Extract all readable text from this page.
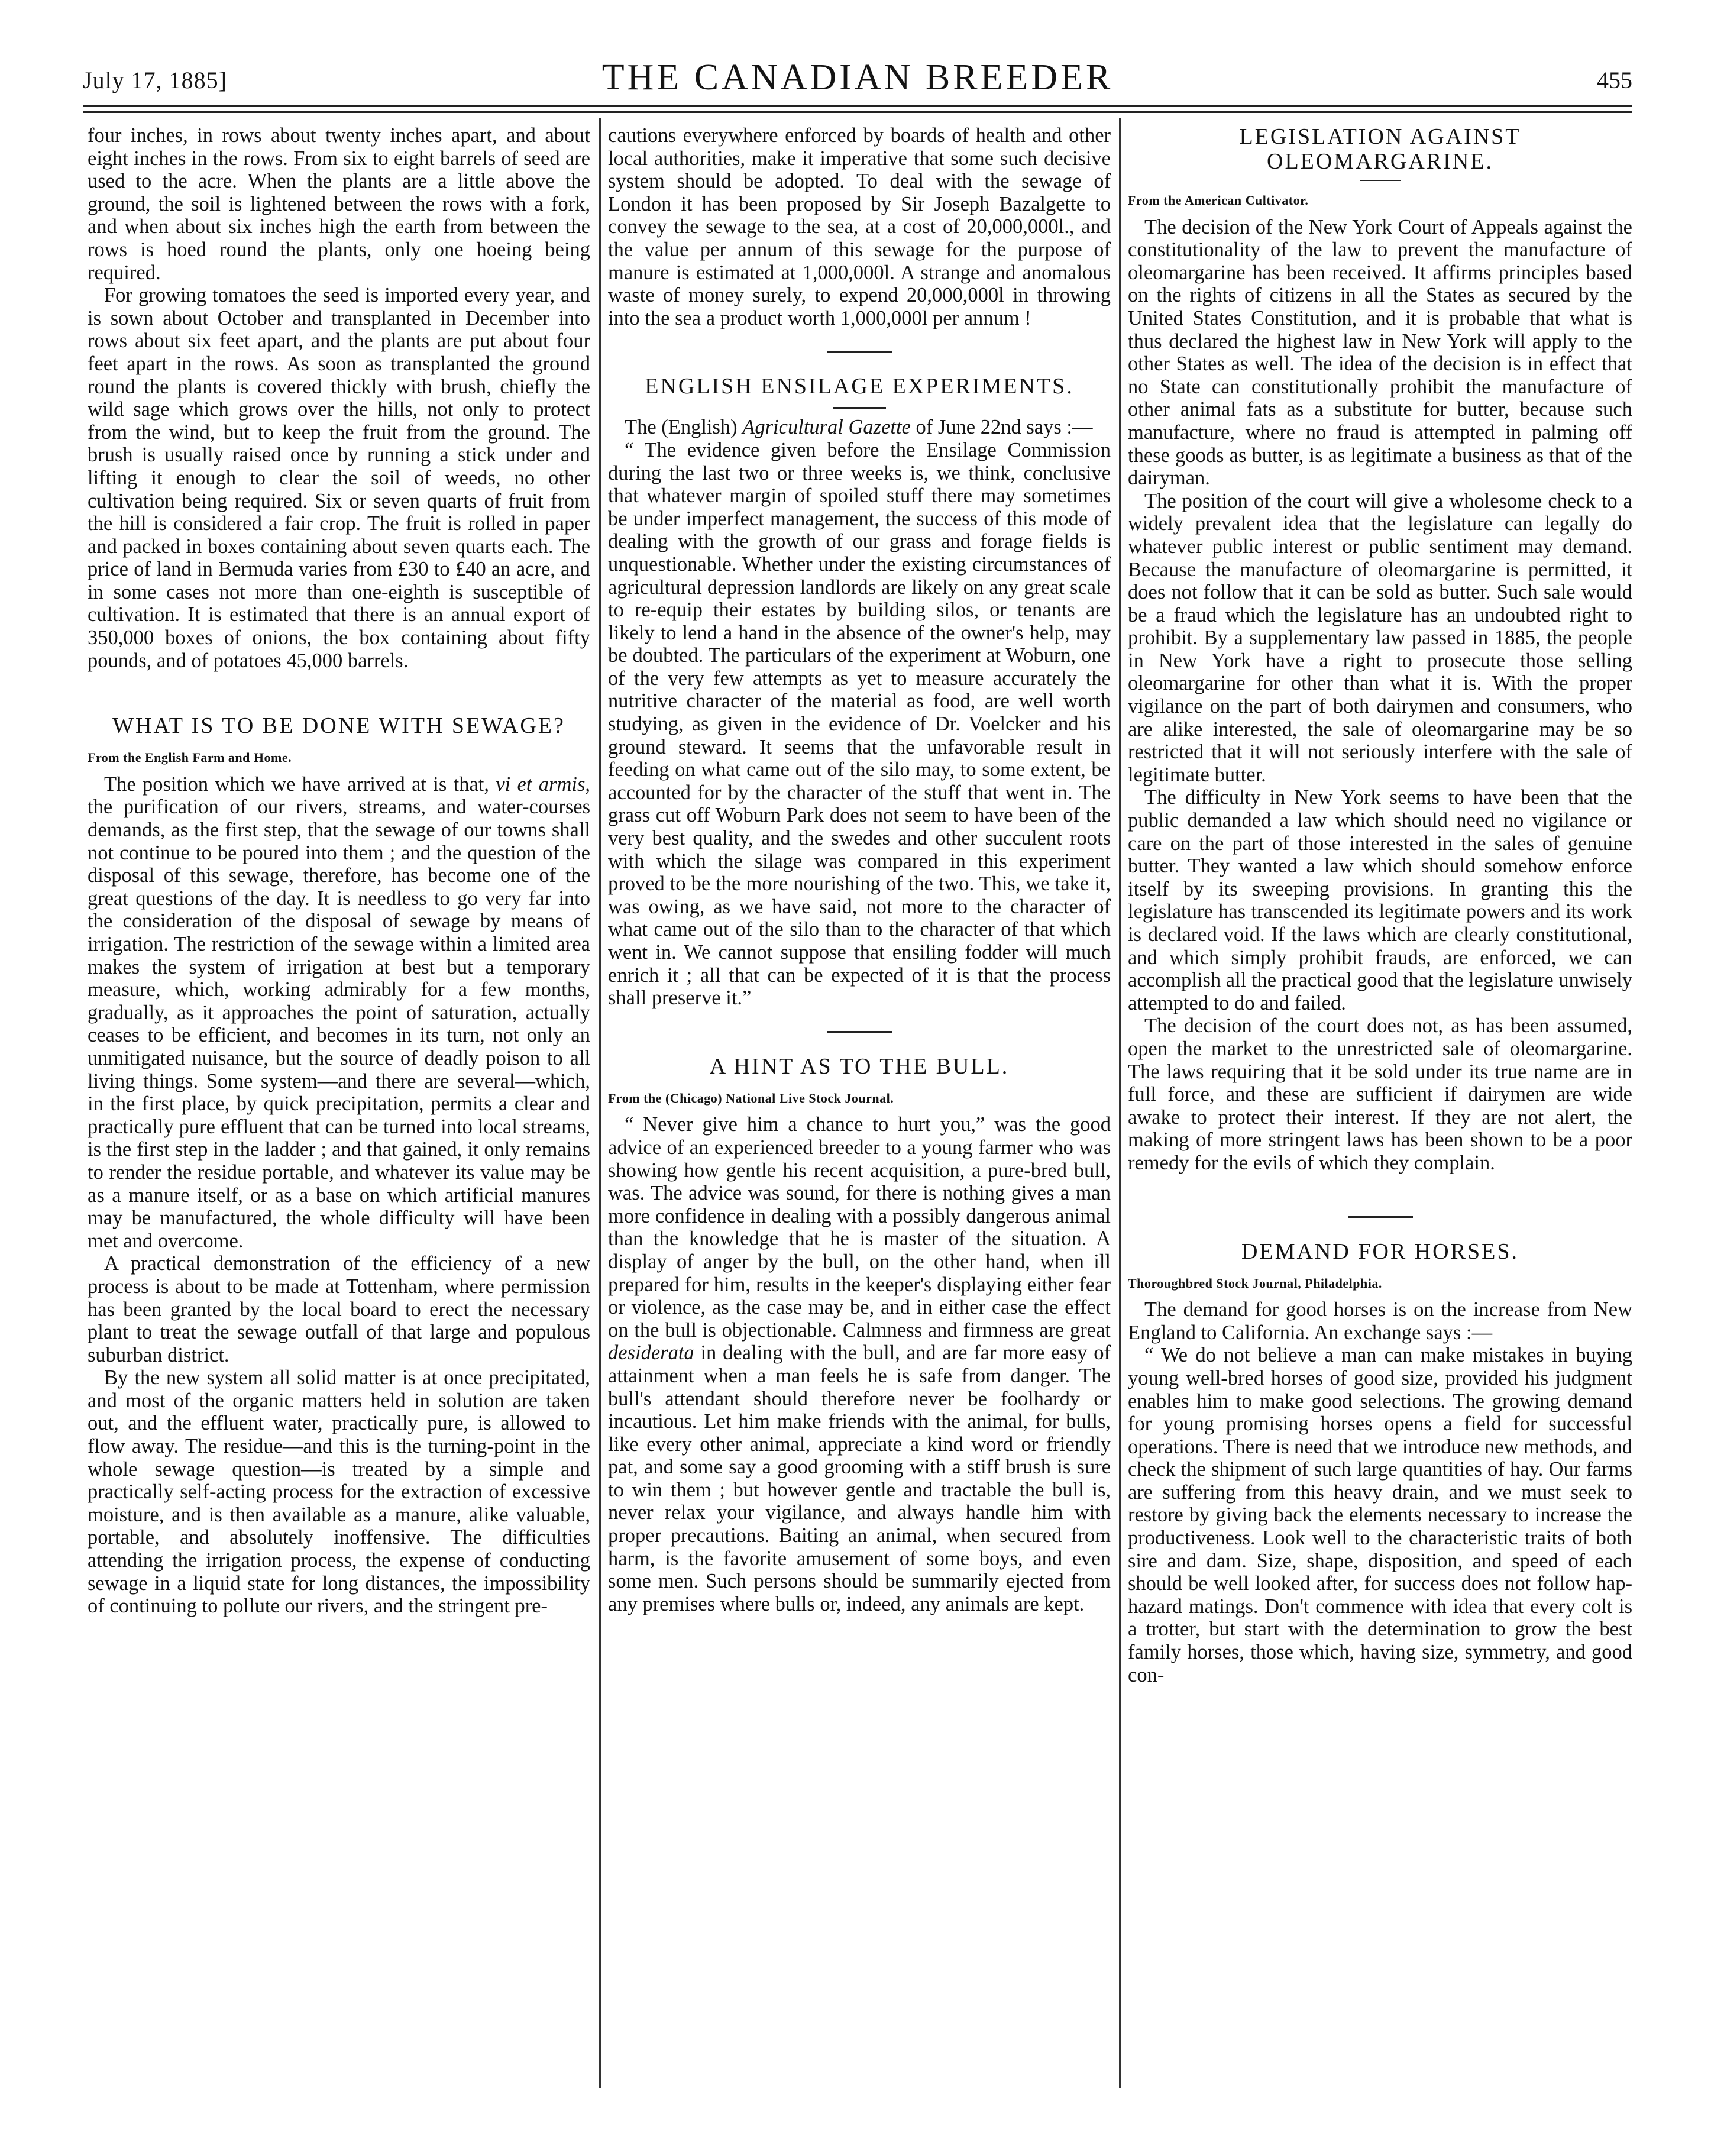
July 17, 1885]	THE CANADIAN BREEDER	455

four inches, in rows about twenty inches apart, and about eight inches in the rows. From six to eight barrels of seed are used to the acre. When the plants are a little above the ground, the soil is lightened between the rows with a fork, and when about six inches high the earth from between the rows is hoed round the plants, only one hoeing being required.

For growing tomatoes the seed is imported every year, and is sown about October and transplanted in December into rows about six feet apart, and the plants are put about four feet apart in the rows. As soon as transplanted the ground round the plants is covered thickly with brush, chiefly the wild sage which grows over the hills, not only to protect from the wind, but to keep the fruit from the ground. The brush is usually raised once by running a stick under and lifting it enough to clear the soil of weeds, no other cultivation being required. Six or seven quarts of fruit from the hill is considered a fair crop. The fruit is rolled in paper and packed in boxes containing about seven quarts each. The price of land in Bermuda varies from £30 to £40 an acre, and in some cases not more than one-eighth is susceptible of cultivation. It is estimated that there is an annual export of 350,000 boxes of onions, the box containing about fifty pounds, and of potatoes 45,000 barrels.

WHAT IS TO BE DONE WITH SEWAGE?
From the English Farm and Home.

The position which we have arrived at is that, vi et armis, the purification of our rivers, streams, and water-courses demands, as the first step, that the sewage of our towns shall not continue to be poured into them ; and the question of the disposal of this sewage, therefore, has become one of the great questions of the day. It is needless to go very far into the consideration of the disposal of sewage by means of irrigation. The restriction of the sewage within a limited area makes the system of irrigation at best but a temporary measure, which, working admirably for a few months, gradually, as it approaches the point of saturation, actually ceases to be efficient, and becomes in its turn, not only an unmitigated nuisance, but the source of deadly poison to all living things. Some system—and there are several—which, in the first place, by quick precipitation, permits a clear and practically pure effluent that can be turned into local streams, is the first step in the ladder ; and that gained, it only remains to render the residue portable, and whatever its value may be as a manure itself, or as a base on which artificial manures may be manufactured, the whole difficulty will have been met and overcome.

A practical demonstration of the efficiency of a new process is about to be made at Tottenham, where permission has been granted by the local board to erect the necessary plant to treat the sewage outfall of that large and populous suburban district.

By the new system all solid matter is at once precipitated, and most of the organic matters held in solution are taken out, and the effluent water, practically pure, is allowed to flow away. The residue—and this is the turning-point in the whole sewage question—is treated by a simple and practically self-acting process for the extraction of excessive moisture, and is then available as a manure, alike valuable, portable, and absolutely inoffensive. The difficulties attending the irrigation process, the expense of conducting sewage in a liquid state for long distances, the impossibility of continuing to pollute our rivers, and the stringent pre-

cautions everywhere enforced by boards of health and other local authorities, make it imperative that some such decisive system should be adopted. To deal with the sewage of London it has been proposed by Sir Joseph Bazalgette to convey the sewage to the sea, at a cost of 20,000,000l., and the value per annum of this sewage for the purpose of manure is estimated at 1,000,000l. A strange and anomalous waste of money surely, to expend 20,000,000l in throwing into the sea a product worth 1,000,000l per annum !

ENGLISH ENSILAGE EXPERIMENTS.

The (English) Agricultural Gazette of June 22nd says :—

“ The evidence given before the Ensilage Commission during the last two or three weeks is, we think, conclusive that whatever margin of spoiled stuff there may sometimes be under imperfect management, the success of this mode of dealing with the growth of our grass and forage fields is unquestionable. Whether under the existing circumstances of agricultural depression landlords are likely on any great scale to re-equip their estates by building silos, or tenants are likely to lend a hand in the absence of the owner's help, may be doubted. The particulars of the experiment at Woburn, one of the very few attempts as yet to measure accurately the nutritive character of the material as food, are well worth studying, as given in the evidence of Dr. Voelcker and his ground steward. It seems that the unfavorable result in feeding on what came out of the silo may, to some extent, be accounted for by the character of the stuff that went in. The grass cut off Woburn Park does not seem to have been of the very best quality, and the swedes and other succulent roots with which the silage was compared in this experiment proved to be the more nourishing of the two. This, we take it, was owing, as we have said, not more to the character of what came out of the silo than to the character of that which went in. We cannot suppose that ensiling fodder will much enrich it ; all that can be expected of it is that the process shall preserve it.”

A HINT AS TO THE BULL.
From the (Chicago) National Live Stock Journal.

“ Never give him a chance to hurt you,” was the good advice of an experienced breeder to a young farmer who was showing how gentle his recent acquisition, a pure-bred bull, was. The advice was sound, for there is nothing gives a man more confidence in dealing with a possibly dangerous animal than the knowledge that he is master of the situation. A display of anger by the bull, on the other hand, when ill prepared for him, results in the keeper's displaying either fear or violence, as the case may be, and in either case the effect on the bull is objectionable. Calmness and firmness are great desiderata in dealing with the bull, and are far more easy of attainment when a man feels he is safe from danger. The bull's attendant should therefore never be foolhardy or incautious. Let him make friends with the animal, for bulls, like every other animal, appreciate a kind word or friendly pat, and some say a good grooming with a stiff brush is sure to win them ; but however gentle and tractable the bull is, never relax your vigilance, and always handle him with proper precautions. Baiting an animal, when secured from harm, is the favorite amusement of some boys, and even some men. Such persons should be summarily ejected from any premises where bulls or, indeed, any animals are kept.

LEGISLATION AGAINST OLEOMARGARINE.
From the American Cultivator.

The decision of the New York Court of Appeals against the constitutionality of the law to prevent the manufacture of oleomargarine has been received. It affirms principles based on the rights of citizens in all the States as secured by the United States Constitution, and it is probable that what is thus declared the highest law in New York will apply to the other States as well. The idea of the decision is in effect that no State can constitutionally prohibit the manufacture of other animal fats as a substitute for butter, because such manufacture, where no fraud is attempted in palming off these goods as butter, is as legitimate a business as that of the dairyman.

The position of the court will give a wholesome check to a widely prevalent idea that the legislature can legally do whatever public interest or public sentiment may demand. Because the manufacture of oleomargarine is permitted, it does not follow that it can be sold as butter. Such sale would be a fraud which the legislature has an undoubted right to prohibit. By a supplementary law passed in 1885, the people in New York have a right to prosecute those selling oleomargarine for other than what it is. With the proper vigilance on the part of both dairymen and consumers, who are alike interested, the sale of oleomargarine may be so restricted that it will not seriously interfere with the sale of legitimate butter.

The difficulty in New York seems to have been that the public demanded a law which should need no vigilance or care on the part of those interested in the sales of genuine butter. They wanted a law which should somehow enforce itself by its sweeping provisions. In granting this the legislature has transcended its legitimate powers and its work is declared void. If the laws which are clearly constitutional, and which simply prohibit frauds, are enforced, we can accomplish all the practical good that the legislature unwisely attempted to do and failed.

The decision of the court does not, as has been assumed, open the market to the unrestricted sale of oleomargarine. The laws requiring that it be sold under its true name are in full force, and these are sufficient if dairymen are wide awake to protect their interest. If they are not alert, the making of more stringent laws has been shown to be a poor remedy for the evils of which they complain.

DEMAND FOR HORSES.
Thoroughbred Stock Journal, Philadelphia.

The demand for good horses is on the increase from New England to California. An exchange says :—

“ We do not believe a man can make mistakes in buying young well-bred horses of good size, provided his judgment enables him to make good selections. The growing demand for young promising horses opens a field for successful operations. There is need that we introduce new methods, and check the shipment of such large quantities of hay. Our farms are suffering from this heavy drain, and we must seek to restore by giving back the elements necessary to increase the productiveness. Look well to the characteristic traits of both sire and dam. Size, shape, disposition, and speed of each should be well looked after, for success does not follow hap-hazard matings. Don't commence with idea that every colt is a trotter, but start with the determination to grow the best family horses, those which, having size, symmetry, and good con-
